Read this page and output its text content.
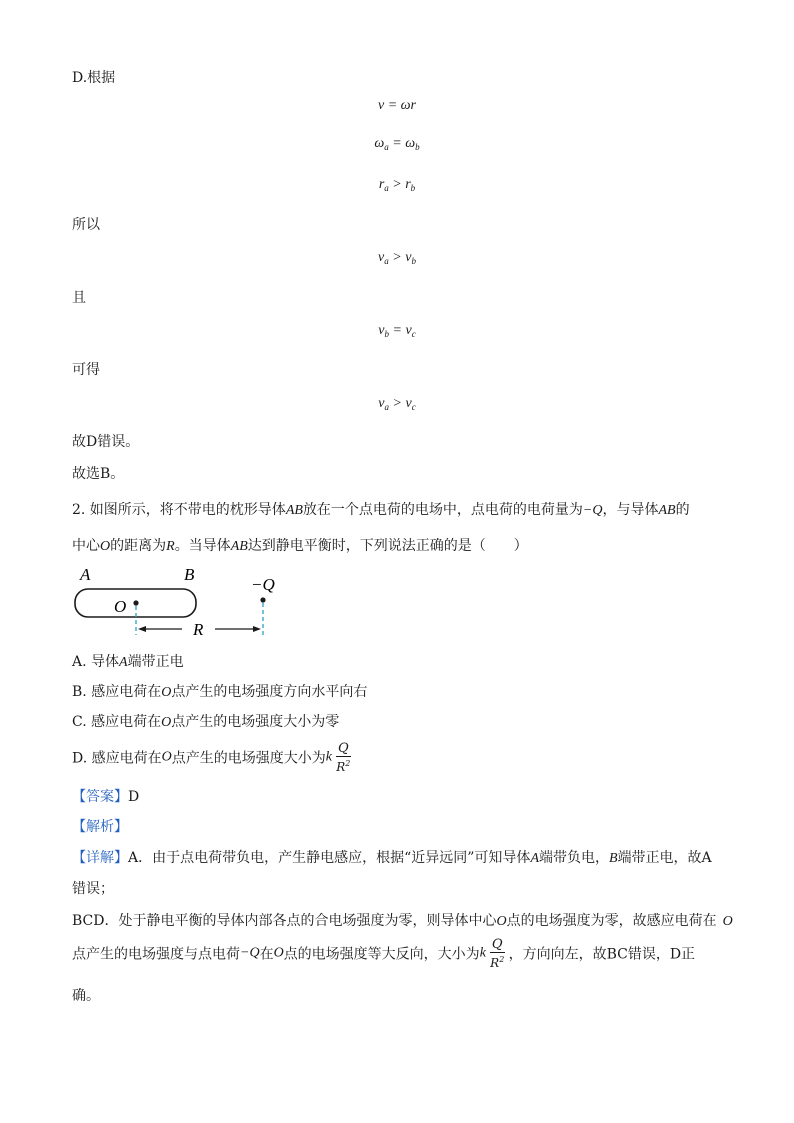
D.根据
v = ωr
$\omega_a = \omega_b$
$r_a > r_b$
所以
$v_a > v_b$
且
$v_b = v_c$
可得
$v_a > v_c$
故D错误。
故选B。
2. 如图所示，将不带电的枕形导体AB放在一个点电荷的电场中，点电荷的电荷量为−Q，与导体AB的
中心O的距离为R。当导体AB达到静电平衡时，下列说法正确的是（　　）
A	B
O
−Q
R
A. 导体A端带正电
B. 感应电荷在O点产生的电场强度方向水平向右
C. 感应电荷在O点产生的电场强度大小为零
D. 感应电荷在O点产生的电场强度大小为k $\frac{Q}{R^2}$
【答案】D
【解析】
【详解】A．由于点电荷带负电，产生静电感应，根据“近异远同”可知导体A端带负电，B端带正电，故A
错误；
BCD．处于静电平衡的导体内部各点的合电场强度为零，则导体中心O点的电场强度为零，故感应电荷在 O
点产生的电场强度与点电荷−Q在O点的电场强度等大反向，大小为k $\frac{Q}{R^2}$ ，方向向左，故BC错误，D正
确。
